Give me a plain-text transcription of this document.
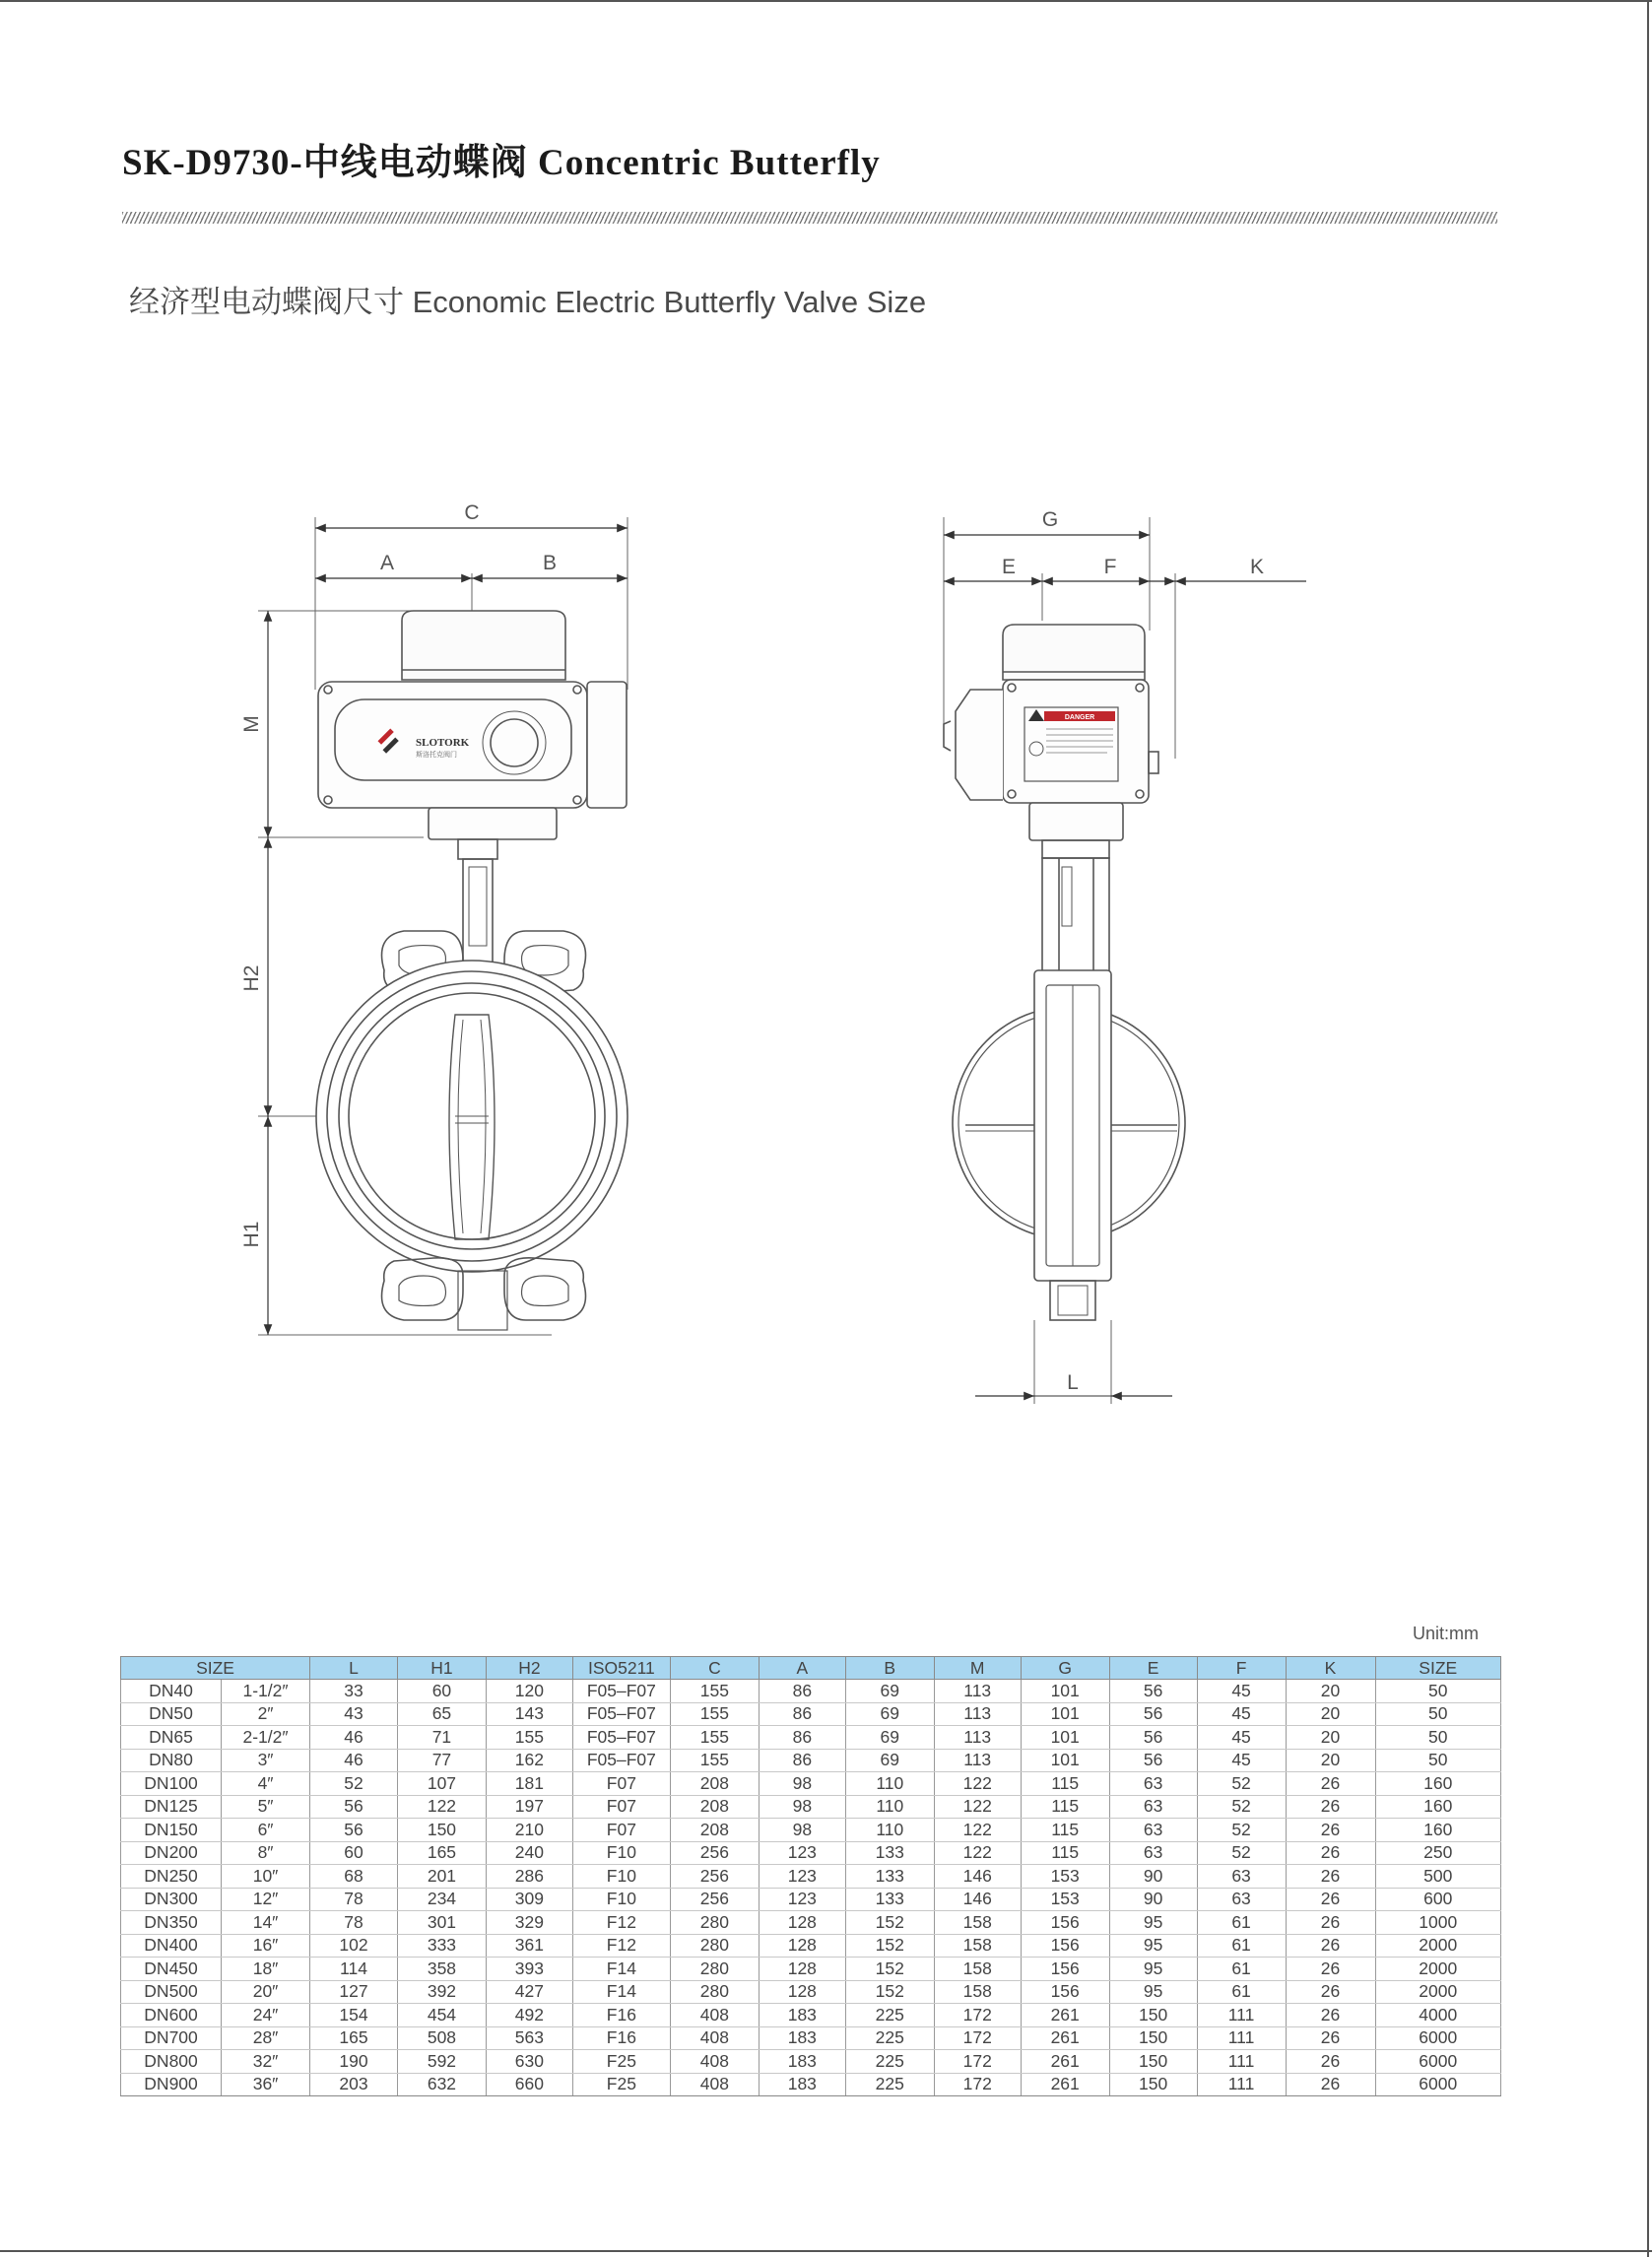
SK-D9730-中线电动蝶阀 Concentric Butterfly
经济型电动蝶阀尺寸 Economic Electric Butterfly Valve Size
C
A	B
M
H2
H1
SLOTORK
斯洛托克阀门
G
E	F	K
L
DANGER
Unit:mm
SIZE		L	H1	H2	ISO5211	C	A	B	M	G	E	F	K	SIZE
DN40	1-1/2″	33	60	120	F05–F07	155	86	69	113	101	56	45	20	50
DN50	2″	43	65	143	F05–F07	155	86	69	113	101	56	45	20	50
DN65	2-1/2″	46	71	155	F05–F07	155	86	69	113	101	56	45	20	50
DN80	3″	46	77	162	F05–F07	155	86	69	113	101	56	45	20	50
DN100	4″	52	107	181	F07	208	98	110	122	115	63	52	26	160
DN125	5″	56	122	197	F07	208	98	110	122	115	63	52	26	160
DN150	6″	56	150	210	F07	208	98	110	122	115	63	52	26	160
DN200	8″	60	165	240	F10	256	123	133	122	115	63	52	26	250
DN250	10″	68	201	286	F10	256	123	133	146	153	90	63	26	500
DN300	12″	78	234	309	F10	256	123	133	146	153	90	63	26	600
DN350	14″	78	301	329	F12	280	128	152	158	156	95	61	26	1000
DN400	16″	102	333	361	F12	280	128	152	158	156	95	61	26	2000
DN450	18″	114	358	393	F14	280	128	152	158	156	95	61	26	2000
DN500	20″	127	392	427	F14	280	128	152	158	156	95	61	26	2000
DN600	24″	154	454	492	F16	408	183	225	172	261	150	111	26	4000
DN700	28″	165	508	563	F16	408	183	225	172	261	150	111	26	6000
DN800	32″	190	592	630	F25	408	183	225	172	261	150	111	26	6000
DN900	36″	203	632	660	F25	408	183	225	172	261	150	111	26	6000
